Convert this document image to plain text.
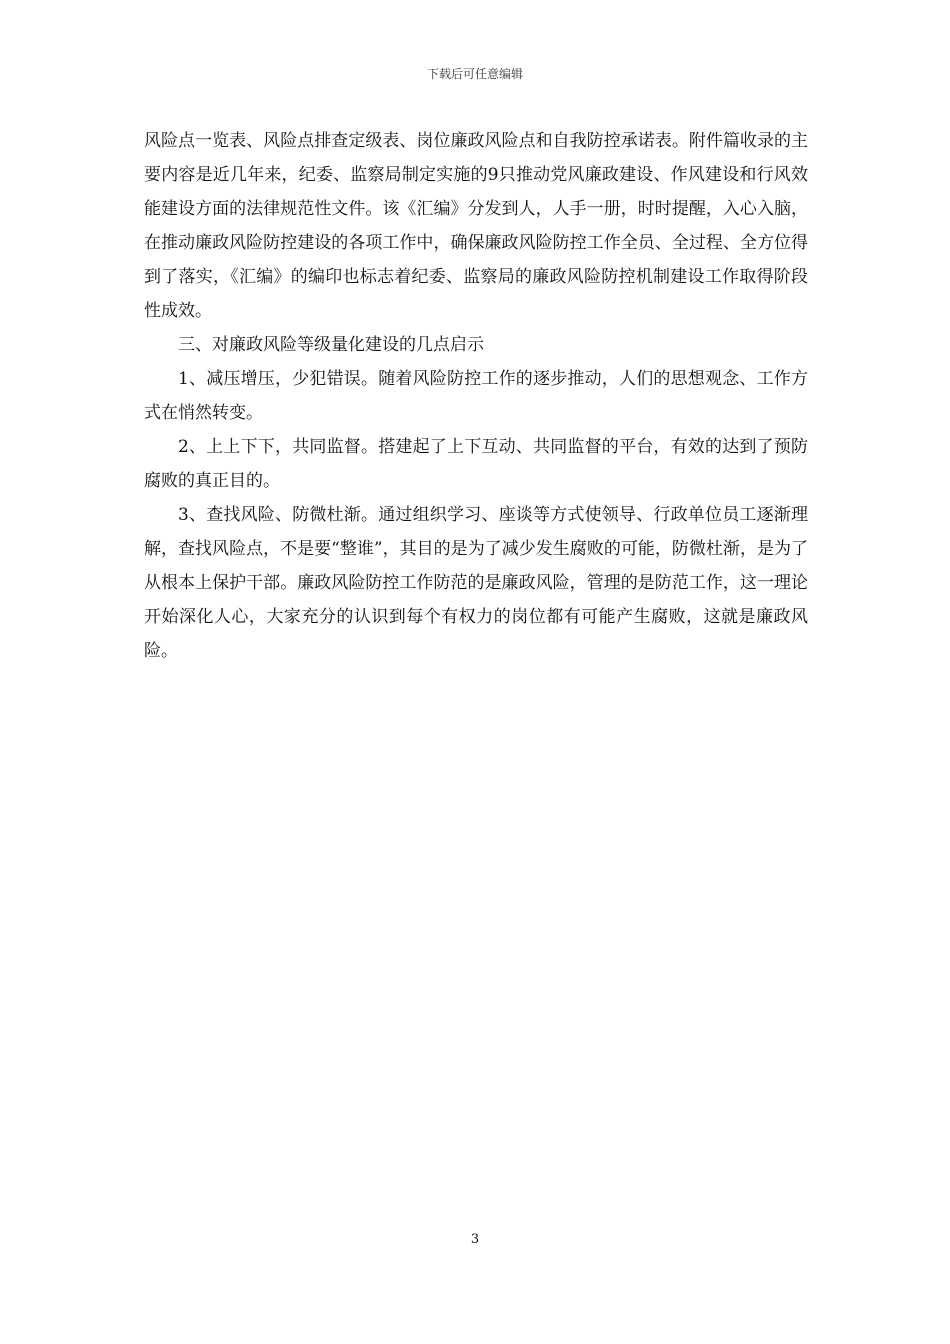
下载后可任意编辑

风险点一览表、风险点排查定级表、岗位廉政风险点和自我防控承诺表。附件篇收录的主要内容是近几年来，纪委、监察局制定实施的9只推动党风廉政建设、作风建设和行风效能建设方面的法律规范性文件。该《汇编》分发到人，人手一册，时时提醒，入心入脑，在推动廉政风险防控建设的各项工作中，确保廉政风险防控工作全员、全过程、全方位得到了落实，《汇编》的编印也标志着纪委、监察局的廉政风险防控机制建设工作取得阶段性成效。

三、对廉政风险等级量化建设的几点启示

1、减压增压，少犯错误。随着风险防控工作的逐步推动，人们的思想观念、工作方式在悄然转变。

2、上上下下，共同监督。搭建起了上下互动、共同监督的平台，有效的达到了预防腐败的真正目的。

3、查找风险、防微杜渐。通过组织学习、座谈等方式使领导、行政单位员工逐渐理解，查找风险点，不是要“整谁”，其目的是为了减少发生腐败的可能，防微杜渐，是为了从根本上保护干部。廉政风险防控工作防范的是廉政风险，管理的是防范工作，这一理论开始深化人心，大家充分的认识到每个有权力的岗位都有可能产生腐败，这就是廉政风险。

3
